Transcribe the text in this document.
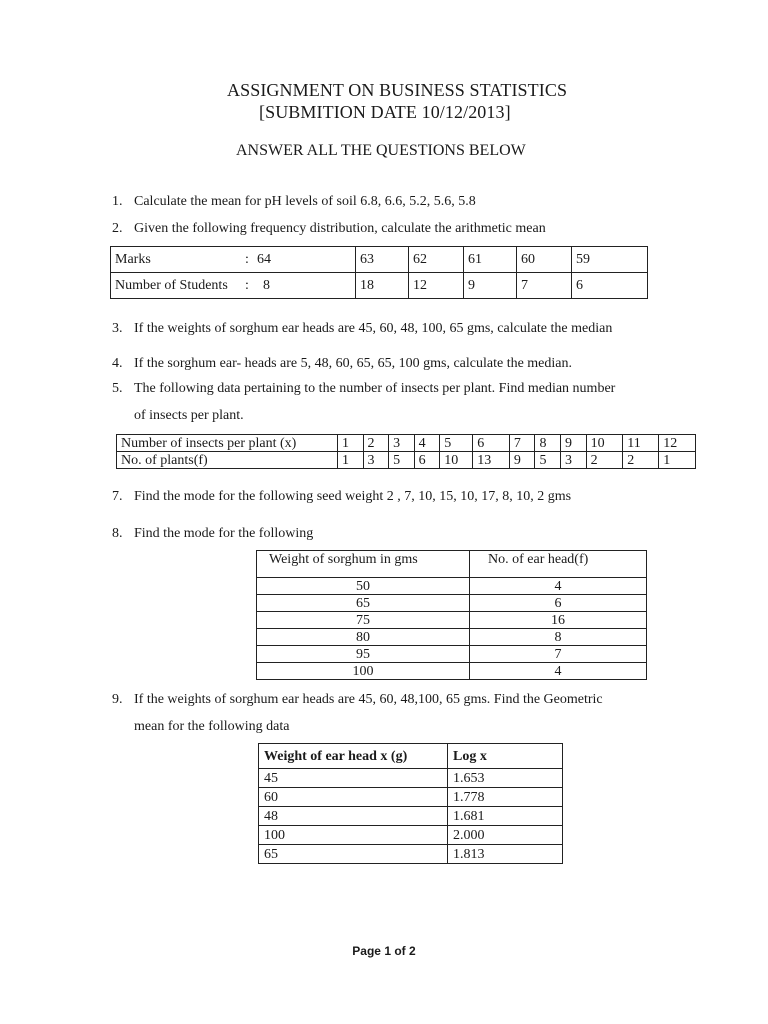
ASSIGNMENT ON BUSINESS STATISTICS
[SUBMITION DATE 10/12/2013]
ANSWER ALL THE QUESTIONS BELOW
1. Calculate the mean for pH levels of soil 6.8, 6.6, 5.2, 5.6, 5.8
2. Given the following frequency distribution, calculate the arithmetic mean
Marks : 64	63	62	61	60	59
Number of Students : 8	18	12	9	7	6
3. If the weights of sorghum ear heads are 45, 60, 48, 100, 65 gms, calculate the median
4. If the sorghum ear- heads are 5, 48, 60, 65, 65, 100 gms, calculate the median.
5. The following data pertaining to the number of insects per plant. Find median number
of insects per plant.
Number of insects per plant (x)	1	2	3	4	5	6	7	8	9	10	11	12
No. of plants(f)	1	3	5	6	10	13	9	5	3	2	2	1
7. Find the mode for the following seed weight 2 , 7, 10, 15, 10, 17, 8, 10, 2 gms
8. Find the mode for the following
Weight of sorghum in gms	No. of ear head(f)
50	4
65	6
75	16
80	8
95	7
100	4
9. If the weights of sorghum ear heads are 45, 60, 48,100, 65 gms. Find the Geometric
mean for the following data
Weight of ear head x (g)	Log x
45	1.653
60	1.778
48	1.681
100	2.000
65	1.813
Page 1 of 2
